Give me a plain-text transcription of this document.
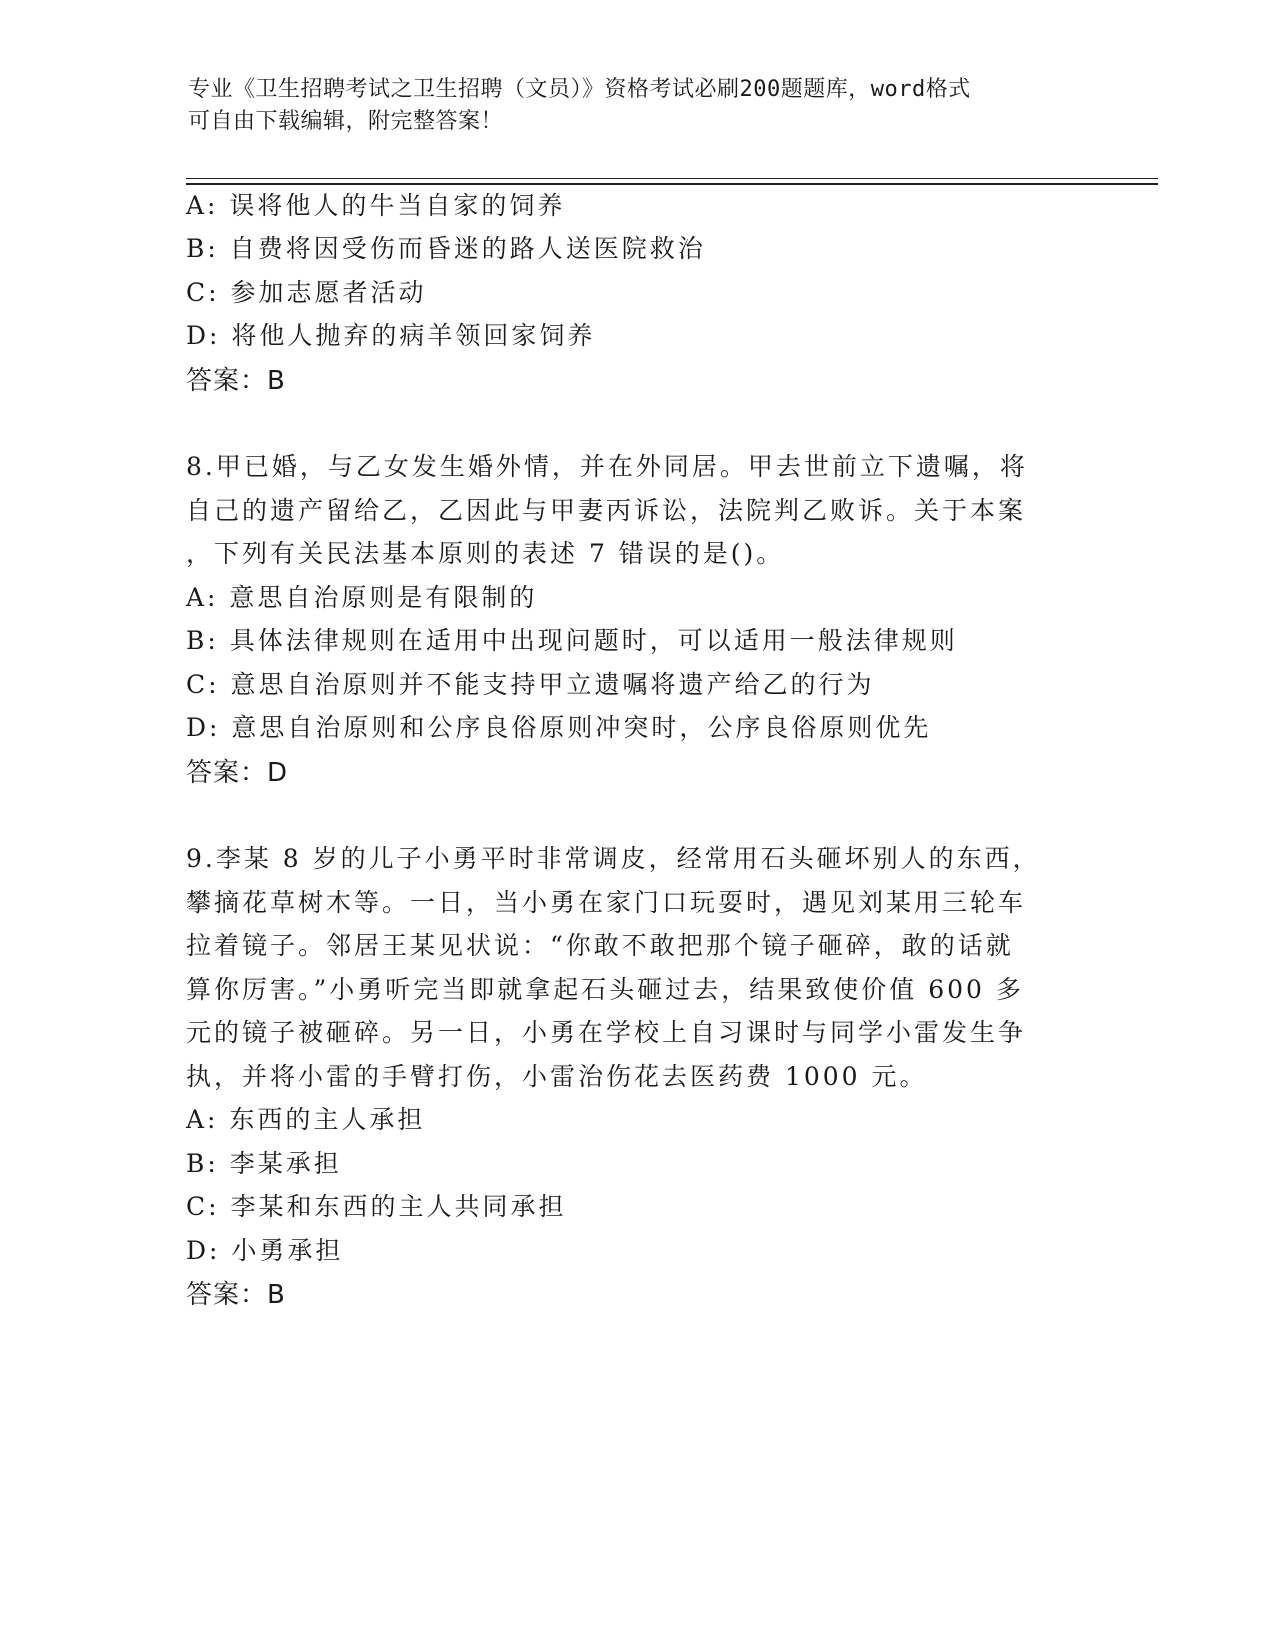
专业《卫生招聘考试之卫生招聘（文员）》资格考试必刷200题题库，word格式
可自由下载编辑，附完整答案！
A: 误将他人的牛当自家的饲养
B: 自费将因受伤而昏迷的路人送医院救治
C: 参加志愿者活动
D: 将他人抛弃的病羊领回家饲养
答案：B
8.甲已婚，与乙女发生婚外情，并在外同居。甲去世前立下遗嘱，将
自己的遗产留给乙，乙因此与甲妻丙诉讼，法院判乙败诉。关于本案
，下列有关民法基本原则的表述 7 错误的是()。
A: 意思自治原则是有限制的
B: 具体法律规则在适用中出现问题时，可以适用一般法律规则
C: 意思自治原则并不能支持甲立遗嘱将遗产给乙的行为
D: 意思自治原则和公序良俗原则冲突时，公序良俗原则优先
答案：D
9.李某 8 岁的儿子小勇平时非常调皮，经常用石头砸坏别人的东西，
攀摘花草树木等。一日，当小勇在家门口玩耍时，遇见刘某用三轮车
拉着镜子。邻居王某见状说：“你敢不敢把那个镜子砸碎，敢的话就
算你厉害。”小勇听完当即就拿起石头砸过去，结果致使价值 600 多
元的镜子被砸碎。另一日，小勇在学校上自习课时与同学小雷发生争
执，并将小雷的手臂打伤，小雷治伤花去医药费 1000 元。
A: 东西的主人承担
B: 李某承担
C: 李某和东西的主人共同承担
D: 小勇承担
答案：B
